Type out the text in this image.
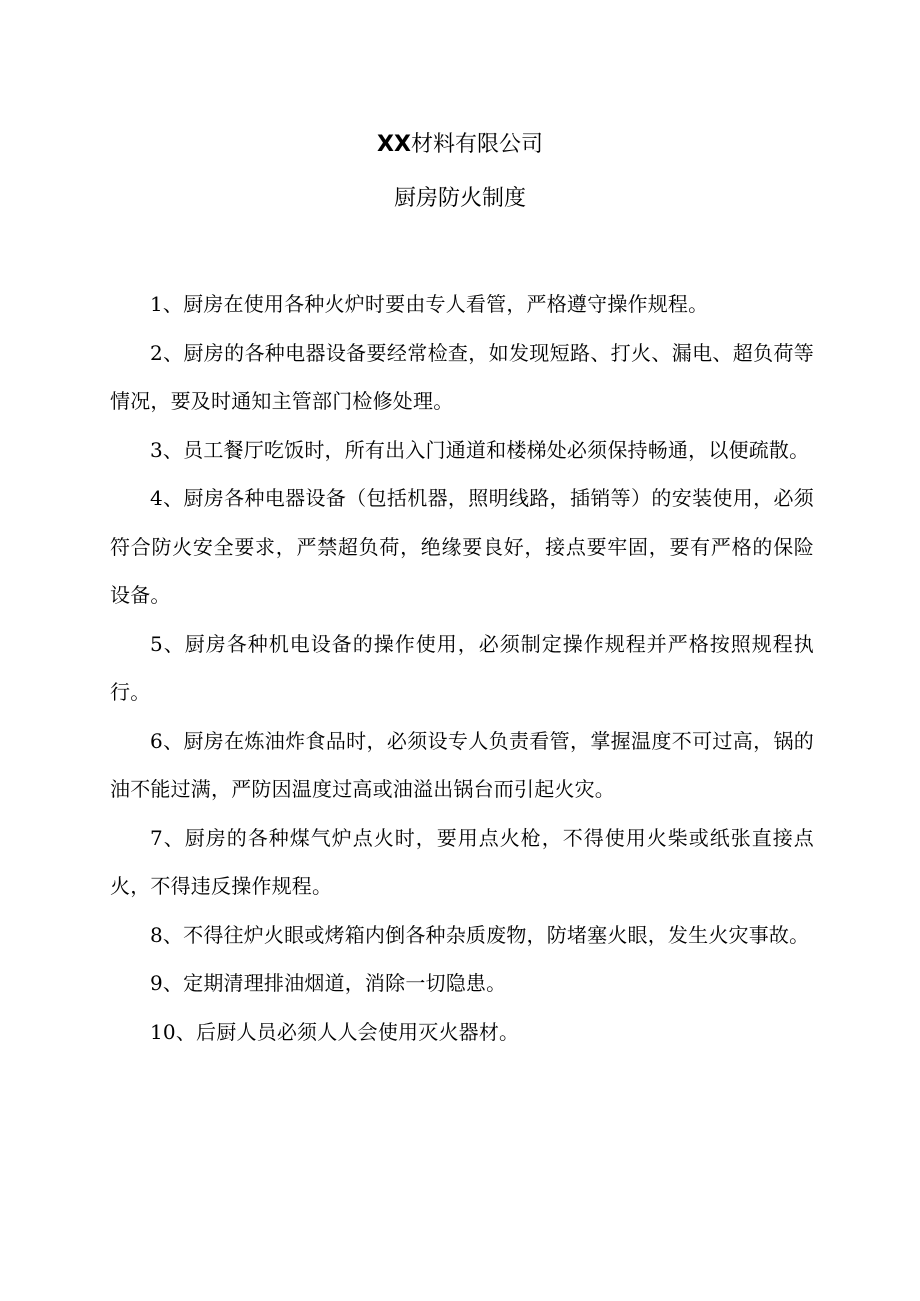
XX材料有限公司
厨房防火制度

1、厨房在使用各种火炉时要由专人看管，严格遵守操作规程。

2、厨房的各种电器设备要经常检查，如发现短路、打火、漏电、超负荷等情况，要及时通知主管部门检修处理。

3、员工餐厅吃饭时，所有出入门通道和楼梯处必须保持畅通，以便疏散。

4、厨房各种电器设备（包括机器，照明线路，插销等）的安装使用，必须符合防火安全要求，严禁超负荷，绝缘要良好，接点要牢固，要有严格的保险设备。

5、厨房各种机电设备的操作使用，必须制定操作规程并严格按照规程执行。

6、厨房在炼油炸食品时，必须设专人负责看管，掌握温度不可过高，锅的油不能过满，严防因温度过高或油溢出锅台而引起火灾。

7、厨房的各种煤气炉点火时，要用点火枪，不得使用火柴或纸张直接点火，不得违反操作规程。

8、不得往炉火眼或烤箱内倒各种杂质废物，防堵塞火眼，发生火灾事故。

9、定期清理排油烟道，消除一切隐患。

10、后厨人员必须人人会使用灭火器材。
